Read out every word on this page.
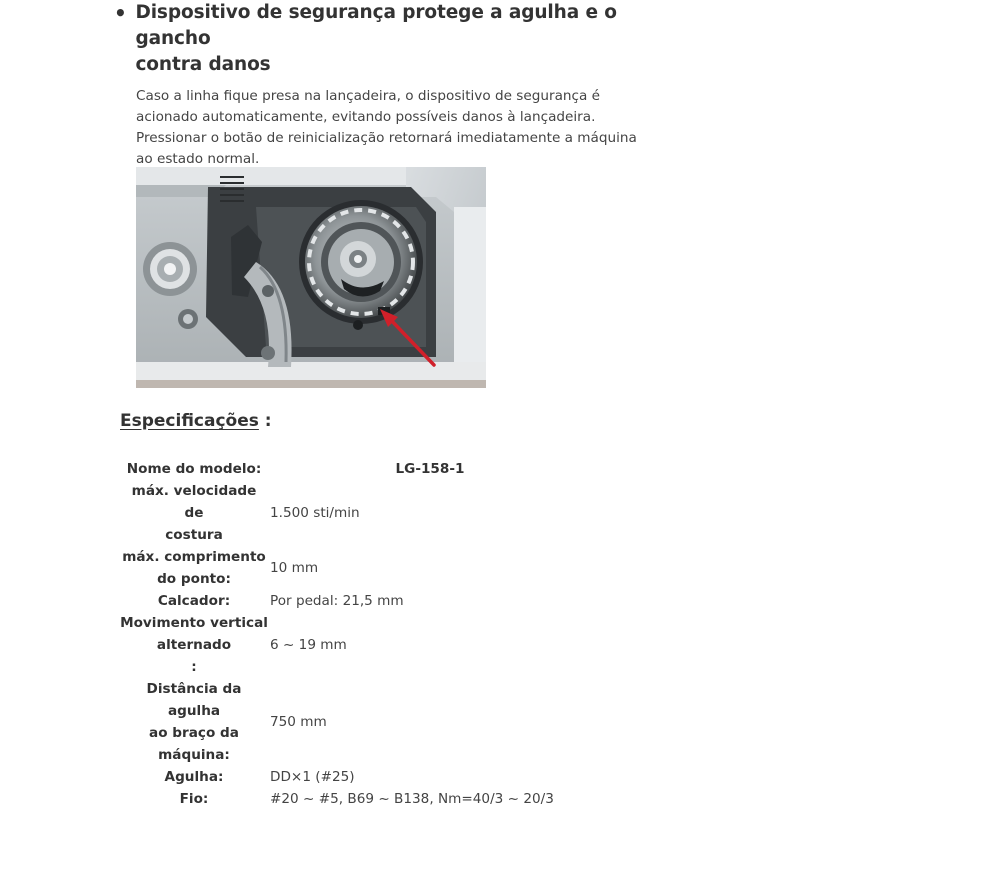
• Dispositivo de segurança protege a agulha e o gancho
contra danos
Caso a linha fique presa na lançadeira, o dispositivo de segurança é
acionado automaticamente, evitando possíveis danos à lançadeira.
Pressionar o botão de reinicialização retornará imediatamente a máquina
ao estado normal.
Especificações :
Nome do modelo:	LG-158-1

máx. velocidade de
costura	1.500 sti/min

máx. comprimento
do ponto:	10 mm

Calcador:	Por pedal: 21,5 mm

Movimento vertical
alternado
:	6 ~ 19 mm

Distância da agulha
ao braço da
máquina:	750 mm

Agulha:	DD×1 (#25)

Fio:	#20 ~ #5, B69 ~ B138, Nm=40/3 ~ 20/3
